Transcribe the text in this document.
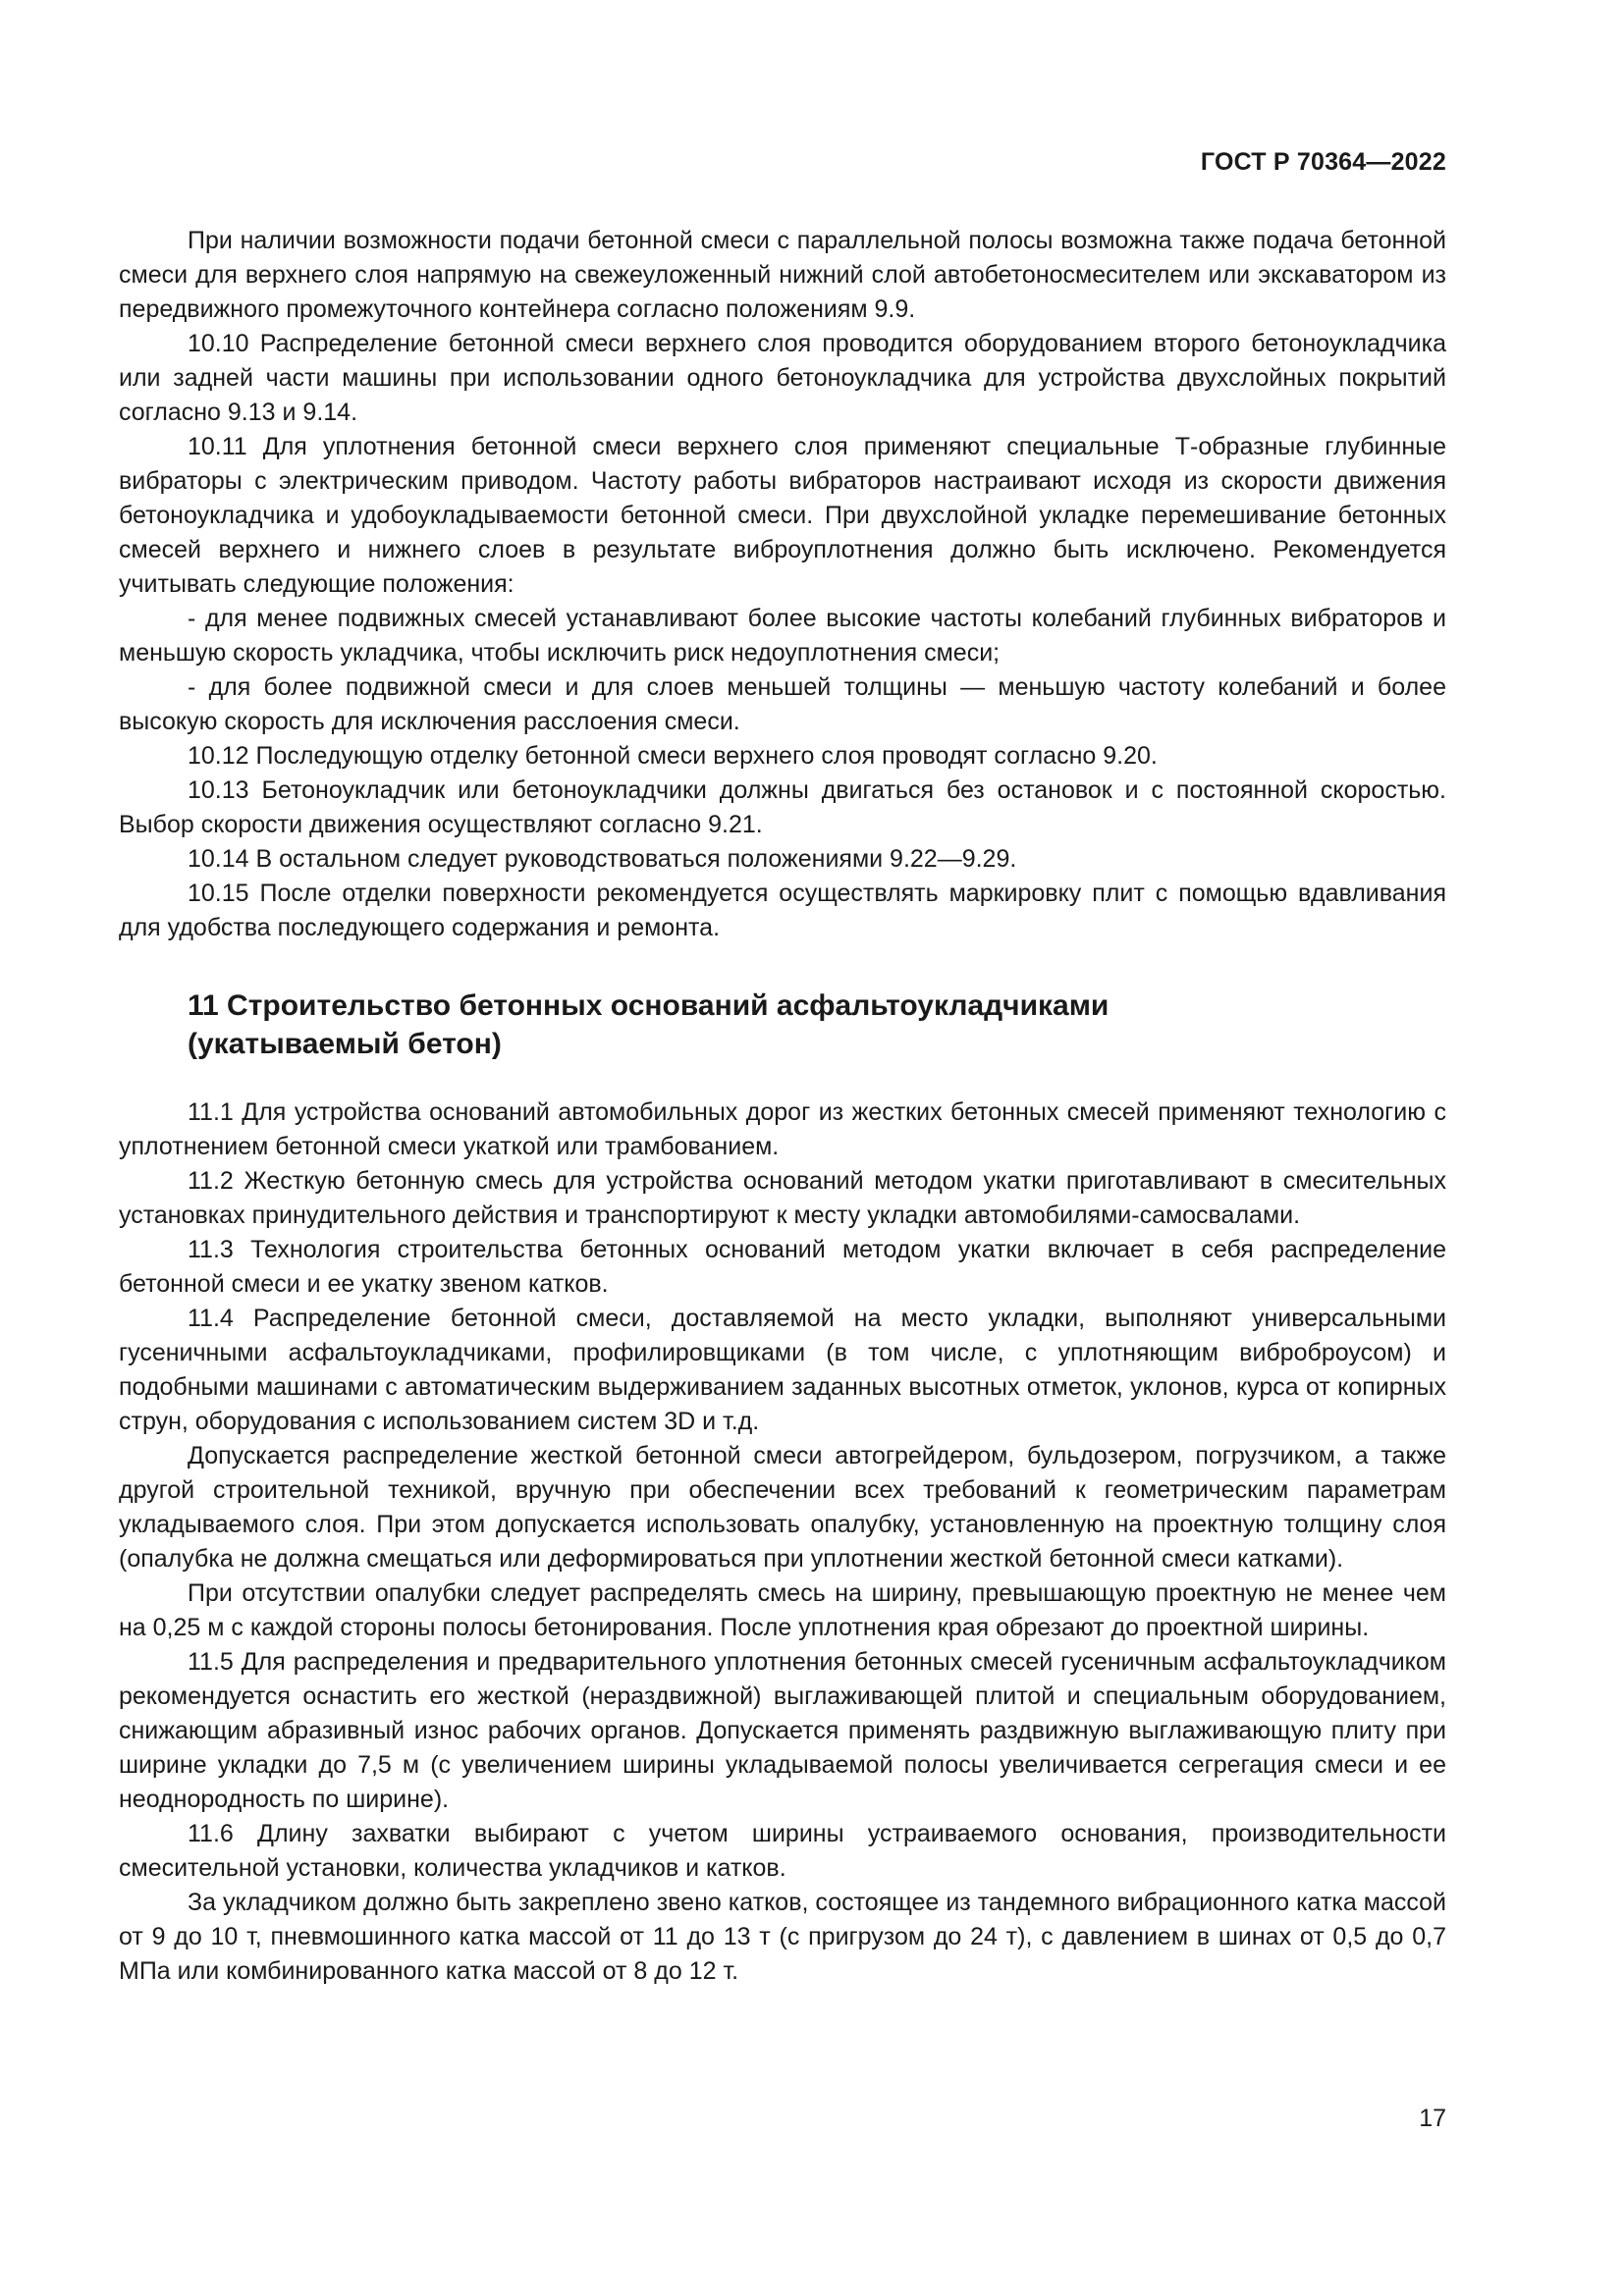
ГОСТ Р 70364—2022

При наличии возможности подачи бетонной смеси с параллельной полосы возможна также подача бетонной смеси для верхнего слоя напрямую на свежеуложенный нижний слой автобетоносмесителем или экскаватором из передвижного промежуточного контейнера согласно положениям 9.9.

10.10 Распределение бетонной смеси верхнего слоя проводится оборудованием второго бетоноукладчика или задней части машины при использовании одного бетоноукладчика для устройства двухслойных покрытий согласно 9.13 и 9.14.

10.11 Для уплотнения бетонной смеси верхнего слоя применяют специальные Т-образные глубинные вибраторы с электрическим приводом. Частоту работы вибраторов настраивают исходя из скорости движения бетоноукладчика и удобоукладываемости бетонной смеси. При двухслойной укладке перемешивание бетонных смесей верхнего и нижнего слоев в результате виброуплотнения должно быть исключено. Рекомендуется учитывать следующие положения:

- для менее подвижных смесей устанавливают более высокие частоты колебаний глубинных вибраторов и меньшую скорость укладчика, чтобы исключить риск недоуплотнения смеси;

- для более подвижной смеси и для слоев меньшей толщины — меньшую частоту колебаний и более высокую скорость для исключения расслоения смеси.

10.12 Последующую отделку бетонной смеси верхнего слоя проводят согласно 9.20.

10.13 Бетоноукладчик или бетоноукладчики должны двигаться без остановок и с постоянной скоростью. Выбор скорости движения осуществляют согласно 9.21.

10.14 В остальном следует руководствоваться положениями 9.22—9.29.

10.15 После отделки поверхности рекомендуется осуществлять маркировку плит с помощью вдавливания для удобства последующего содержания и ремонта.

11 Строительство бетонных оснований асфальтоукладчиками
(укатываемый бетон)

11.1 Для устройства оснований автомобильных дорог из жестких бетонных смесей применяют технологию с уплотнением бетонной смеси укаткой или трамбованием.

11.2 Жесткую бетонную смесь для устройства оснований методом укатки приготавливают в смесительных установках принудительного действия и транспортируют к месту укладки автомобилями-самосвалами.

11.3 Технология строительства бетонных оснований методом укатки включает в себя распределение бетонной смеси и ее укатку звеном катков.

11.4 Распределение бетонной смеси, доставляемой на место укладки, выполняют универсальными гусеничными асфальтоукладчиками, профилировщиками (в том числе, с уплотняющим виброброусом) и подобными машинами с автоматическим выдерживанием заданных высотных отметок, уклонов, курса от копирных струн, оборудования с использованием систем 3D и т.д.

Допускается распределение жесткой бетонной смеси автогрейдером, бульдозером, погрузчиком, а также другой строительной техникой, вручную при обеспечении всех требований к геометрическим параметрам укладываемого слоя. При этом допускается использовать опалубку, установленную на проектную толщину слоя (опалубка не должна смещаться или деформироваться при уплотнении жесткой бетонной смеси катками).

При отсутствии опалубки следует распределять смесь на ширину, превышающую проектную не менее чем на 0,25 м с каждой стороны полосы бетонирования. После уплотнения края обрезают до проектной ширины.

11.5 Для распределения и предварительного уплотнения бетонных смесей гусеничным асфальтоукладчиком рекомендуется оснастить его жесткой (нераздвижной) выглаживающей плитой и специальным оборудованием, снижающим абразивный износ рабочих органов. Допускается применять раздвижную выглаживающую плиту при ширине укладки до 7,5 м (с увеличением ширины укладываемой полосы увеличивается сегрегация смеси и ее неоднородность по ширине).

11.6 Длину захватки выбирают с учетом ширины устраиваемого основания, производительности смесительной установки, количества укладчиков и катков.

За укладчиком должно быть закреплено звено катков, состоящее из тандемного вибрационного катка массой от 9 до 10 т, пневмошинного катка массой от 11 до 13 т (с пригрузом до 24 т), с давлением в шинах от 0,5 до 0,7 МПа или комбинированного катка массой от 8 до 12 т.

17
